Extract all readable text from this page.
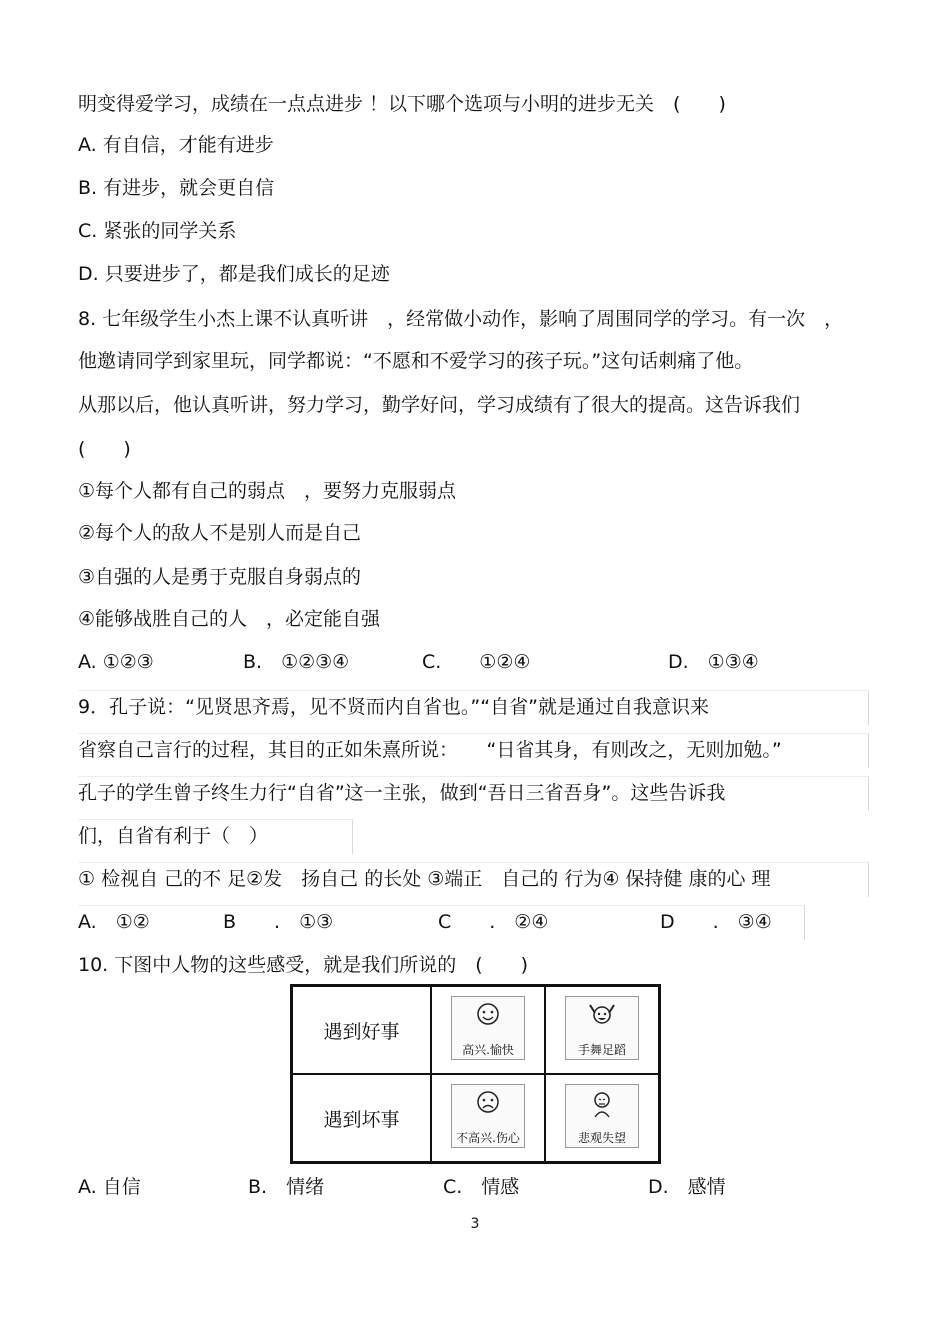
明变得爱学习，成绩在一点点进步 ！以下哪个选项与小明的进步无关　(　　)
A. 有自信，才能有进步
B. 有进步，就会更自信
C. 紧张的同学关系
D. 只要进步了，都是我们成长的足迹
8. 七年级学生小杰上课不认真听讲　，经常做小动作，影响了周围同学的学习。有一次　，
他邀请同学到家里玩，同学都说：“不愿和不爱学习的孩子玩。”这句话刺痛了他。
从那以后，他认真听讲，努力学习，勤学好问，学习成绩有了很大的提高。这告诉我们
(　　)
①每个人都有自己的弱点　，要努力克服弱点
②每个人的敌人不是别人而是自己
③自强的人是勇于克服自身弱点的
④能够战胜自己的人　，必定能自强
A. ①②③	B.　①②③④	C.　　①②④	D.　①③④
9．孔子说：“见贤思齐焉，见不贤而内自省也。”“自省”就是通过自我意识来
省察自己言行的过程，其目的正如朱熹所说：　　“日省其身，有则改之，无则加勉。”
孔子的学生曾子终生力行“自省”这一主张，做到“吾日三省吾身”。这些告诉我
们，自省有利于（　）
① 检视自 己的不 足②发　扬自己 的长处 ③端正　自己的 行为④ 保持健 康的心 理
A.　①②	B　　.　①③	C　　.　②④	D　　.　③④
10. 下图中人物的这些感受，就是我们所说的　(　　)
遇到好事	高兴.愉快	手舞足蹈

遇到坏事	不高兴.伤心	悲观失望
A. 自信	B.　情绪	C.　情感	D.　感情
3
